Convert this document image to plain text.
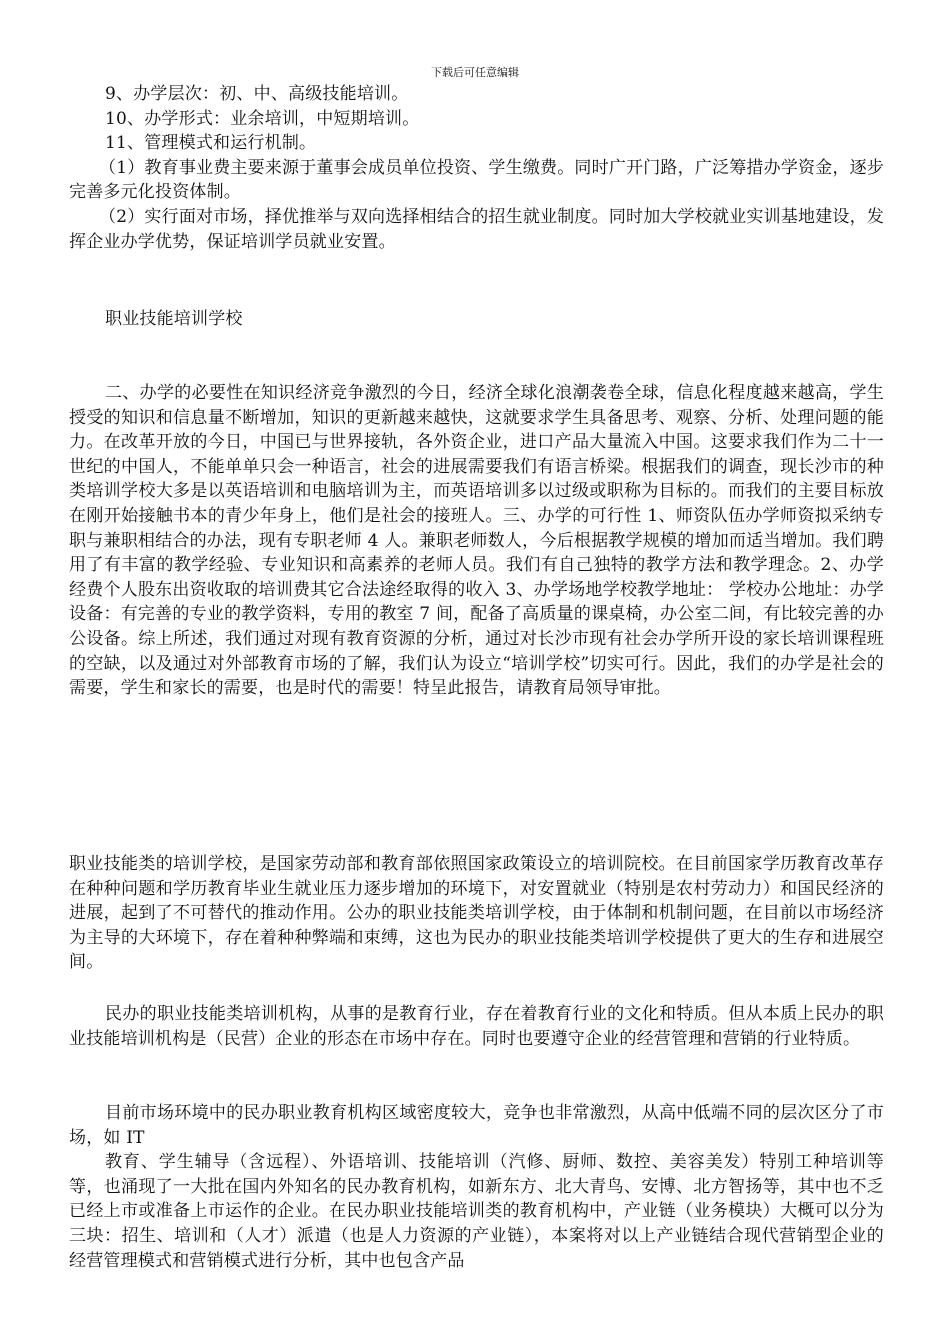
下载后可任意编辑

9、办学层次：初、中、高级技能培训。

10、办学形式：业余培训，中短期培训。

11、管理模式和运行机制。

（1）教育事业费主要来源于董事会成员单位投资、学生缴费。同时广开门路，广泛筹措办学资金，逐步完善多元化投资体制。

（2）实行面对市场，择优推举与双向选择相结合的招生就业制度。同时加大学校就业实训基地建设，发挥企业办学优势，保证培训学员就业安置。

职业技能培训学校

二、办学的必要性在知识经济竞争激烈的今日，经济全球化浪潮袭卷全球，信息化程度越来越高，学生授受的知识和信息量不断增加，知识的更新越来越快，这就要求学生具备思考、观察、分析、处理问题的能力。在改革开放的今日，中国已与世界接轨，各外资企业，进口产品大量流入中国。这要求我们作为二十一世纪的中国人，不能单单只会一种语言，社会的进展需要我们有语言桥梁。根据我们的调查，现长沙市的种类培训学校大多是以英语培训和电脑培训为主，而英语培训多以过级或职称为目标的。而我们的主要目标放在刚开始接触书本的青少年身上，他们是社会的接班人。三、办学的可行性 1、师资队伍办学师资拟采纳专职与兼职相结合的办法，现有专职老师 4 人。兼职老师数人，今后根据教学规模的增加而适当增加。我们聘用了有丰富的教学经验、专业知识和高素养的老师人员。我们有自己独特的教学方法和教学理念。2、办学经费个人股东出资收取的培训费其它合法途经取得的收入 3、办学场地学校教学地址： 学校办公地址：办学设备：有完善的专业的教学资料，专用的教室 7 间，配备了高质量的课桌椅，办公室二间，有比较完善的办公设备。综上所述，我们通过对现有教育资源的分析，通过对长沙市现有社会办学所开设的家长培训课程班的空缺，以及通过对外部教育市场的了解，我们认为设立“培训学校”切实可行。因此，我们的办学是社会的需要，学生和家长的需要，也是时代的需要！特呈此报告，请教育局领导审批。

职业技能类的培训学校，是国家劳动部和教育部依照国家政策设立的培训院校。在目前国家学历教育改革存在种种问题和学历教育毕业生就业压力逐步增加的环境下，对安置就业（特别是农村劳动力）和国民经济的进展，起到了不可替代的推动作用。公办的职业技能类培训学校，由于体制和机制问题，在目前以市场经济为主导的大环境下，存在着种种弊端和束缚，这也为民办的职业技能类培训学校提供了更大的生存和进展空间。

民办的职业技能类培训机构，从事的是教育行业，存在着教育行业的文化和特质。但从本质上民办的职业技能培训机构是（民营）企业的形态在市场中存在。同时也要遵守企业的经营管理和营销的行业特质。

目前市场环境中的民办职业教育机构区域密度较大，竞争也非常激烈，从高中低端不同的层次区分了市场，如 IT

教育、学生辅导（含远程）、外语培训、技能培训（汽修、厨师、数控、美容美发）特别工种培训等等，也涌现了一大批在国内外知名的民办教育机构，如新东方、北大青鸟、安博、北方智扬等，其中也不乏已经上市或准备上市运作的企业。在民办职业技能培训类的教育机构中，产业链（业务模块）大概可以分为三块：招生、培训和（人才）派遣（也是人力资源的产业链），本案将对以上产业链结合现代营销型企业的经营管理模式和营销模式进行分析，其中也包含产品
